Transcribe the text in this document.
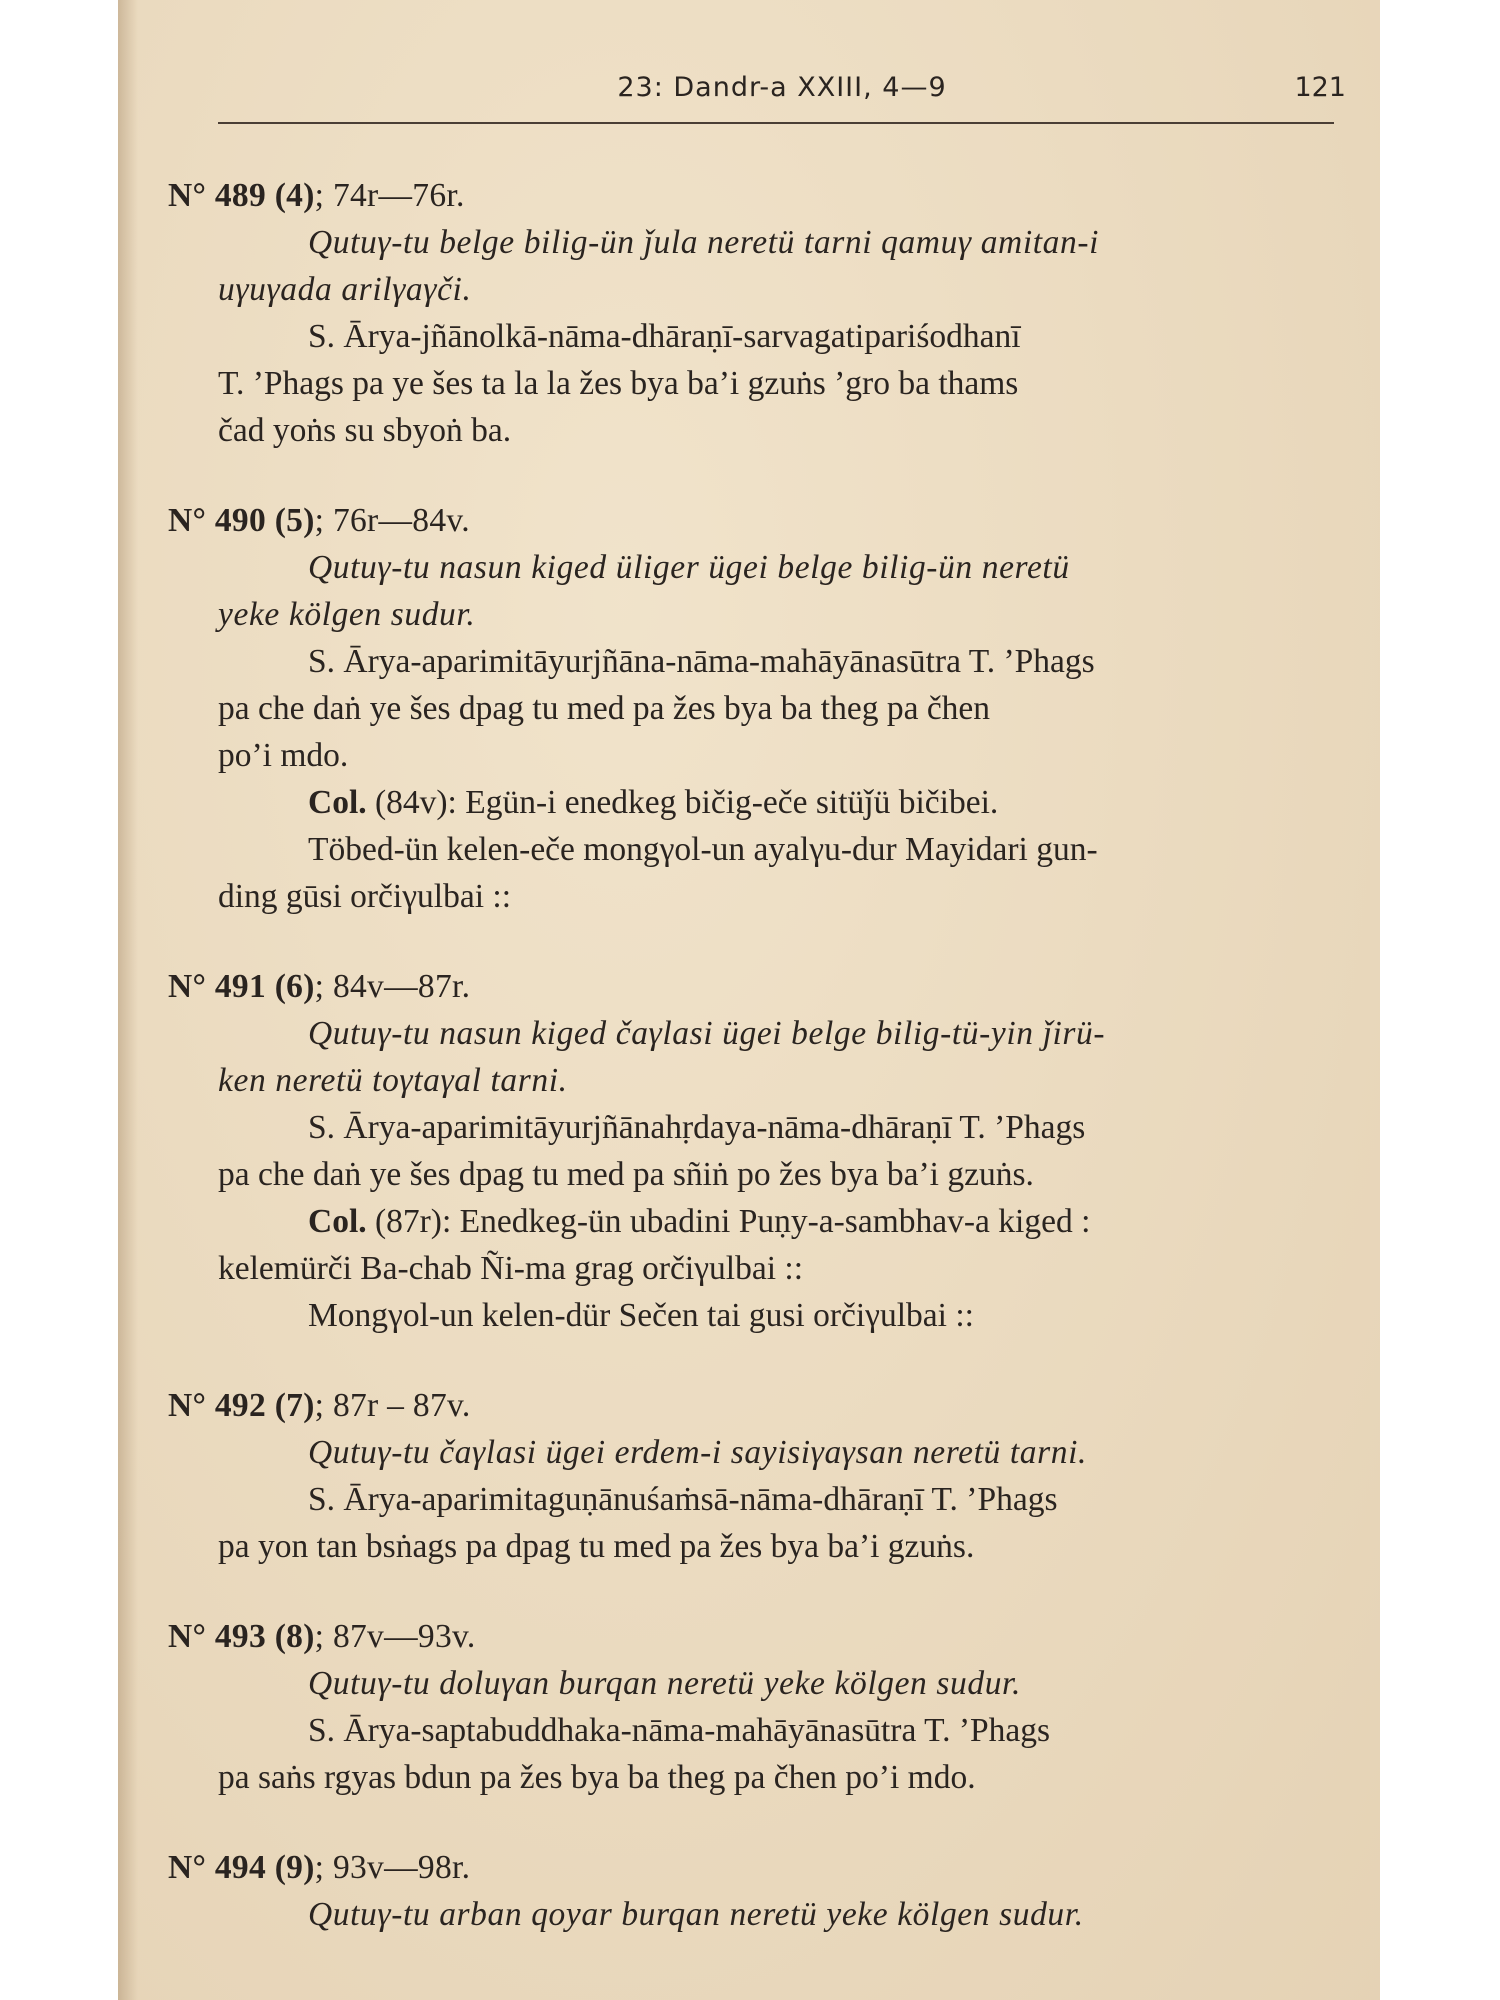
23: Dandr-a XXIII, 4—9	121
N° 489 (4); 74r—76r.
Qutuγ-tu belge bilig-ün ǰula neretü tarni qamuγ amitan-i
uγuγada arilγaγči.
S. Ārya-jñānolkā-nāma-dhāraṇī-sarvagatipariśodhanī
T. ’Phags pa ye šes ta la la žes bya ba’i gzuṅs ’gro ba thams
čad yoṅs su sbyoṅ ba.
N° 490 (5); 76r—84v.
Qutuγ-tu nasun kiged üliger ügei belge bilig-ün neretü
yeke kölgen sudur.
S. Ārya-aparimitāyurjñāna-nāma-mahāyānasūtra T. ’Phags
pa che daṅ ye šes dpag tu med pa žes bya ba theg pa čhen
po’i mdo.
Col. (84v): Egün-i enedkeg bičig-eče sitüǰü bičibei.
Töbed-ün kelen-eče mongγol-un ayalγu-dur Mayidari gun-
ding gūsi orčiγulbai ::
N° 491 (6); 84v—87r.
Qutuγ-tu nasun kiged čaγlasi ügei belge bilig-tü-yin ǰirü-
ken neretü toγtaγal tarni.
S. Ārya-aparimitāyurjñānahṛdaya-nāma-dhāraṇī T. ’Phags
pa che daṅ ye šes dpag tu med pa sñiṅ po žes bya ba’i gzuṅs.
Col. (87r): Enedkeg-ün ubadini Puṇy-a-sambhav-a kiged :
kelemürči Ba-chab Ñi-ma grag orčiγulbai ::
Mongγol-un kelen-dür Sečen tai gusi orčiγulbai ::
N° 492 (7); 87r – 87v.
Qutuγ-tu čaγlasi ügei erdem-i sayisiγaγsan neretü tarni.
S. Ārya-aparimitaguṇānuśaṁsā-nāma-dhāraṇī T. ’Phags
pa yon tan bsṅags pa dpag tu med pa žes bya ba’i gzuṅs.
N° 493 (8); 87v—93v.
Qutuγ-tu doluγan burqan neretü yeke kölgen sudur.
S. Ārya-saptabuddhaka-nāma-mahāyānasūtra T. ’Phags
pa saṅs rgyas bdun pa žes bya ba theg pa čhen po’i mdo.
N° 494 (9); 93v—98r.
Qutuγ-tu arban qoyar burqan neretü yeke kölgen sudur.
